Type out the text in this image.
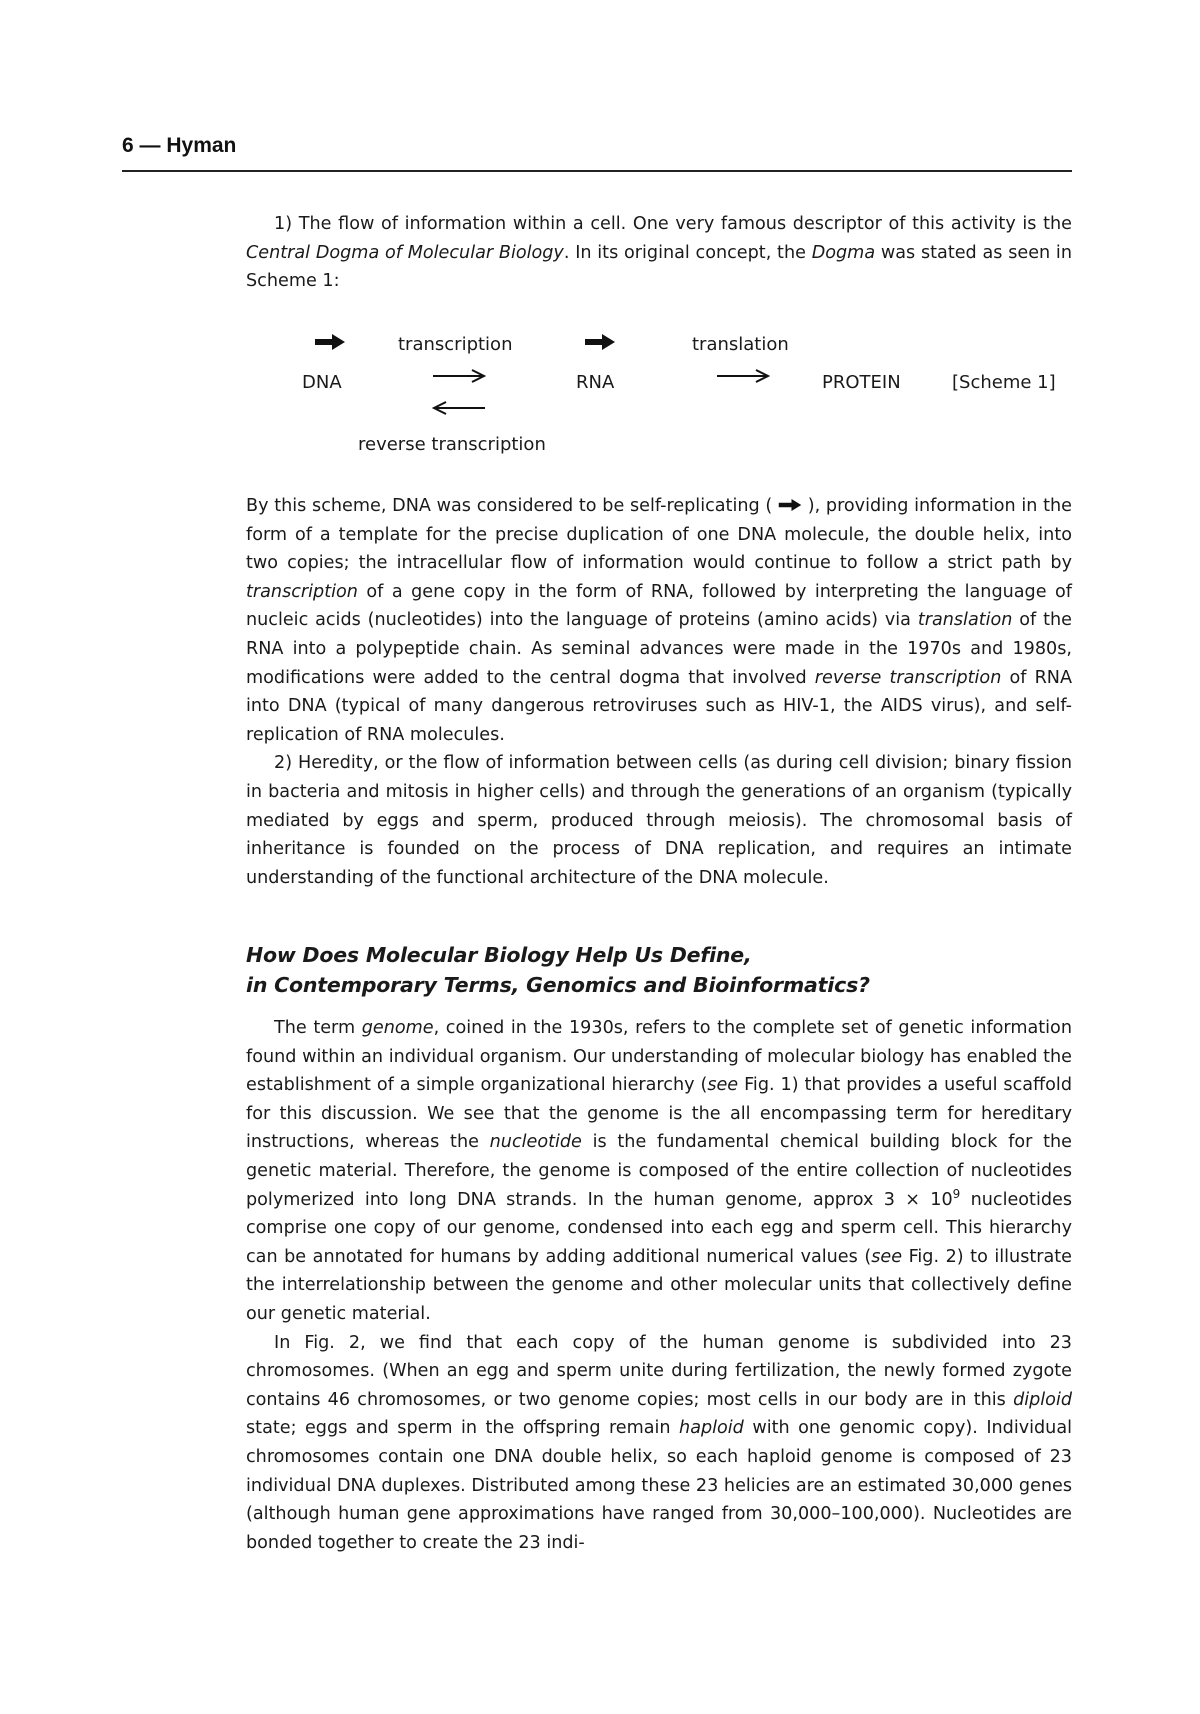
6 — Hyman

1) The flow of information within a cell. One very famous descriptor of this activity is the Central Dogma of Molecular Biology. In its original concept, the Dogma was stated as seen in Scheme 1:

transcription	translation
DNA	RNA	PROTEIN	[Scheme 1]
reverse transcription

By this scheme, DNA was considered to be self-replicating (  ), providing information in the form of a template for the precise duplication of one DNA molecule, the double helix, into two copies; the intracellular flow of information would continue to follow a strict path by transcription of a gene copy in the form of RNA, followed by interpreting the language of nucleic acids (nucleotides) into the language of proteins (amino acids) via translation of the RNA into a polypeptide chain. As seminal advances were made in the 1970s and 1980s, modifications were added to the central dogma that involved reverse transcription of RNA into DNA (typical of many dangerous retroviruses such as HIV-1, the AIDS virus), and self-replication of RNA molecules.

2) Heredity, or the flow of information between cells (as during cell division; binary fission in bacteria and mitosis in higher cells) and through the generations of an organism (typically mediated by eggs and sperm, produced through meiosis). The chromosomal basis of inheritance is founded on the process of DNA replication, and requires an intimate understanding of the functional architecture of the DNA molecule.

How Does Molecular Biology Help Us Define,
in Contemporary Terms, Genomics and Bioinformatics?

The term genome, coined in the 1930s, refers to the complete set of genetic information found within an individual organism. Our understanding of molecular biology has enabled the establishment of a simple organizational hierarchy (see Fig. 1) that provides a useful scaffold for this discussion. We see that the genome is the all encompassing term for hereditary instructions, whereas the nucleotide is the fundamental chemical building block for the genetic material. Therefore, the genome is composed of the entire collection of nucleotides polymerized into long DNA strands. In the human genome, approx $3 \times 10^9$ nucleotides comprise one copy of our genome, condensed into each egg and sperm cell. This hierarchy can be annotated for humans by adding additional numerical values (see Fig. 2) to illustrate the interrelationship between the genome and other molecular units that collectively define our genetic material.

In Fig. 2, we find that each copy of the human genome is subdivided into 23 chromosomes. (When an egg and sperm unite during fertilization, the newly formed zygote contains 46 chromosomes, or two genome copies; most cells in our body are in this diploid state; eggs and sperm in the offspring remain haploid with one genomic copy). Individual chromosomes contain one DNA double helix, so each haploid genome is composed of 23 individual DNA duplexes. Distributed among these 23 helicies are an estimated 30,000 genes (although human gene approximations have ranged from 30,000–100,000). Nucleotides are bonded together to create the 23 indi-
